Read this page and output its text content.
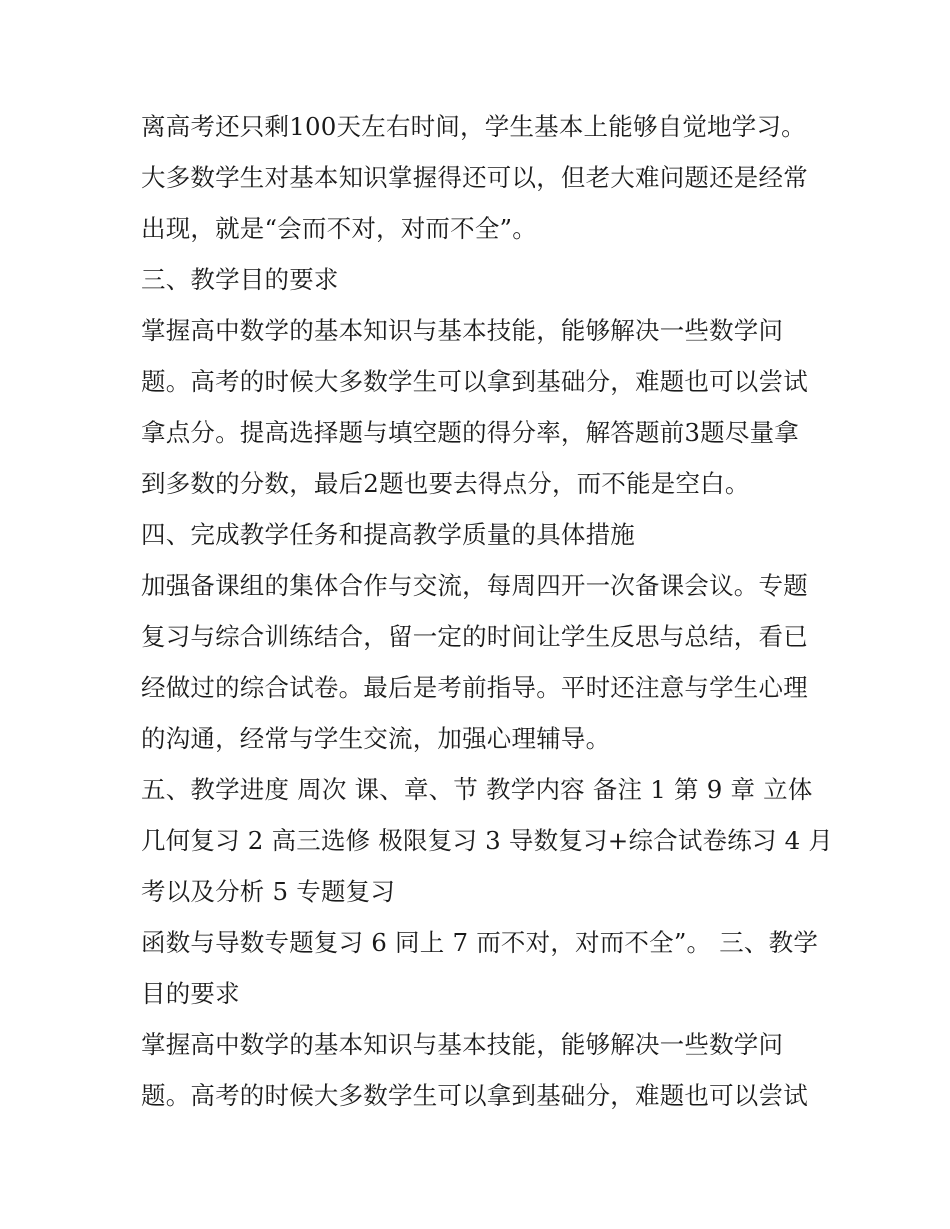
离高考还只剩100天左右时间，学生基本上能够自觉地学习。
大多数学生对基本知识掌握得还可以，但老大难问题还是经常
出现，就是“会而不对，对而不全”。
三、教学目的要求
掌握高中数学的基本知识与基本技能，能够解决一些数学问
题。高考的时候大多数学生可以拿到基础分，难题也可以尝试
拿点分。提高选择题与填空题的得分率，解答题前3题尽量拿
到多数的分数，最后2题也要去得点分，而不能是空白。
四、完成教学任务和提高教学质量的具体措施
加强备课组的集体合作与交流，每周四开一次备课会议。专题
复习与综合训练结合，留一定的时间让学生反思与总结，看已
经做过的综合试卷。最后是考前指导。平时还注意与学生心理
的沟通，经常与学生交流，加强心理辅导。
五、教学进度 周次 课、章、节 教学内容 备注 1 第 9 章 立体
几何复习 2 高三选修 极限复习 3 导数复习+综合试卷练习 4 月
考以及分析 5 专题复习
函数与导数专题复习 6 同上 7 而不对，对而不全”。 三、教学
目的要求
掌握高中数学的基本知识与基本技能，能够解决一些数学问
题。高考的时候大多数学生可以拿到基础分，难题也可以尝试
